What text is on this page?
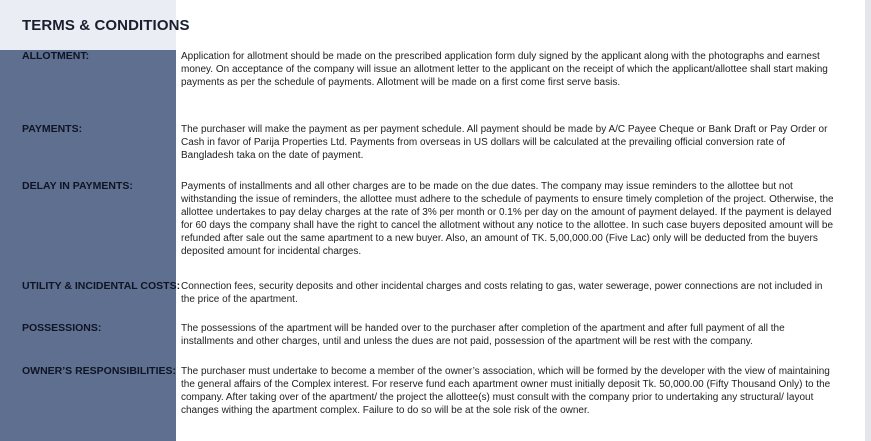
TERMS & CONDITIONS
ALLOTMENT:	Application for allotment should be made on the prescribed application form duly signed by the applicant along with the photographs and earnest money. On acceptance of the company will issue an allotment letter to the applicant on the receipt of which the applicant/allottee shall start making payments as per the schedule of payments. Allotment will be made on a first come first serve basis.
PAYMENTS:	The purchaser will make the payment as per payment schedule. All payment should be made by A/C Payee Cheque or Bank Draft or Pay Order or Cash in favor of Parija Properties Ltd. Payments from overseas in US dollars will be calculated at the prevailing official conversion rate of Bangladesh taka on the date of payment.
DELAY IN PAYMENTS:	Payments of installments and all other charges are to be made on the due dates. The company may issue reminders to the allottee but not withstanding the issue of reminders, the allottee must adhere to the schedule of payments to ensure timely completion of the project. Otherwise, the allottee undertakes to pay delay charges at the rate of 3% per month or 0.1% per day on the amount of payment delayed. If the payment is delayed for 60 days the company shall have the right to cancel the allotment without any notice to the allottee. In such case buyers deposited amount will be refunded after sale out the same apartment to a new buyer. Also, an amount of TK. 5,00,000.00 (Five Lac) only will be deducted from the buyers deposited amount for incidental charges.
UTILITY & INCIDENTAL COSTS: Connection fees, security deposits and other incidental charges and costs relating to gas, water sewerage, power connections are not included in the price of the apartment.
POSSESSIONS:	The possessions of the apartment will be handed over to the purchaser after completion of the apartment and after full payment of all the installments and other charges, until and unless the dues are not paid, possession of the apartment will be rest with the company.
OWNER’S RESPONSIBILITIES: The purchaser must undertake to become a member of the owner’s association, which will be formed by the developer with the view of maintaining the general affairs of the Complex interest. For reserve fund each apartment owner must initially deposit Tk. 50,000.00 (Fifty Thousand Only) to the company. After taking over of the apartment/ the project the allottee(s) must consult with the company prior to undertaking any structural/ layout changes withing the apartment complex. Failure to do so will be at the sole risk of the owner.
